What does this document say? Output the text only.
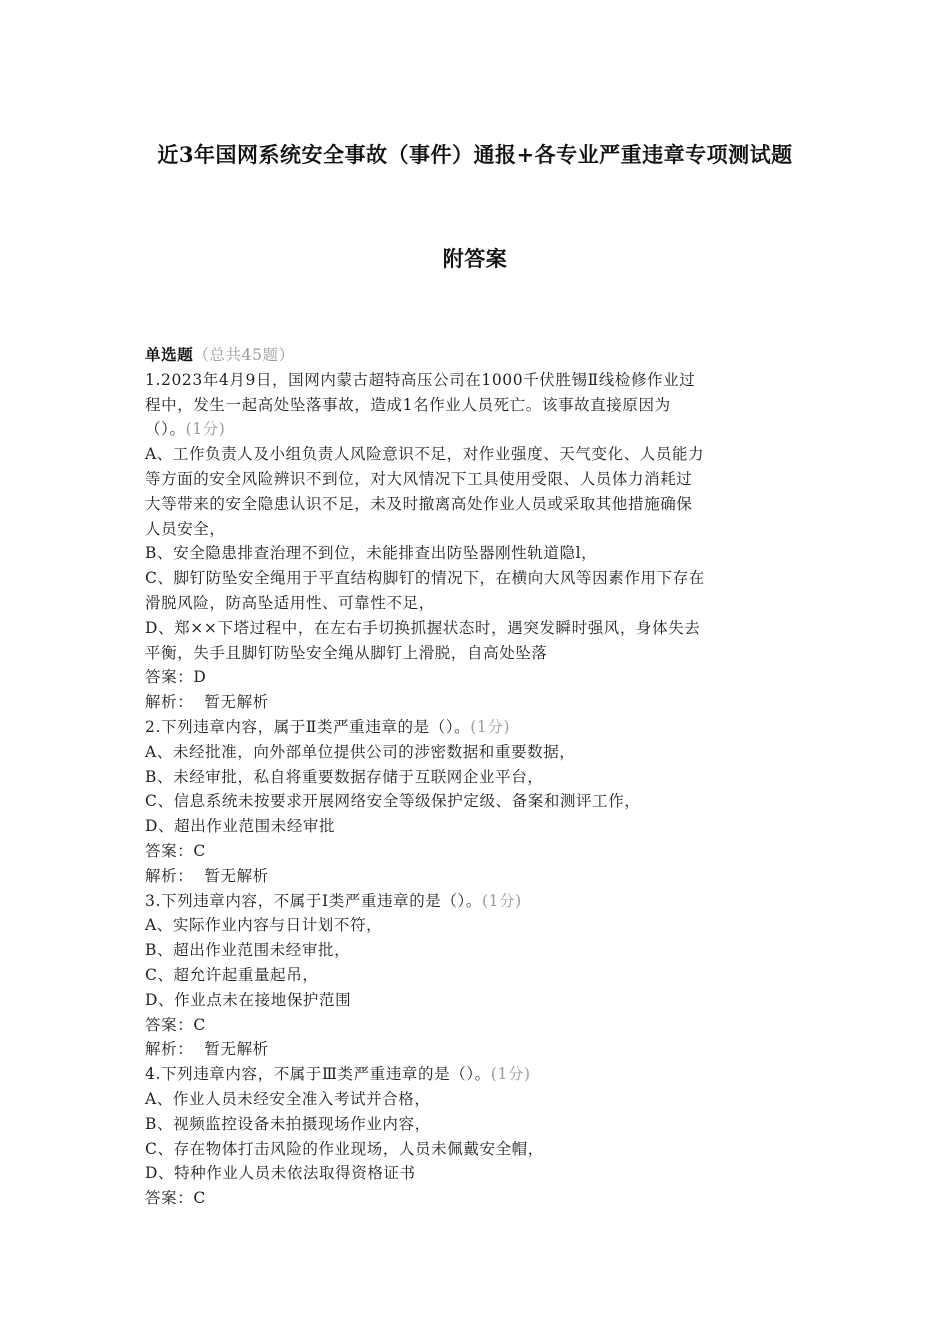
近3年国网系统安全事故（事件）通报+各专业严重违章专项测试题
附答案
单选题（总共45题）
1.2023年4月9日，国网内蒙古超特高压公司在1000千伏胜锡Ⅱ线检修作业过
程中，发生一起高处坠落事故，造成1名作业人员死亡。该事故直接原因为
（）。(1分)
A、工作负责人及小组负责人风险意识不足，对作业强度、天气变化、人员能力
等方面的安全风险辨识不到位，对大风情况下工具使用受限、人员体力消耗过
大等带来的安全隐患认识不足，未及时撤离高处作业人员或采取其他措施确保
人员安全，
B、安全隐患排查治理不到位，未能排查出防坠器刚性轨道隐l，
C、脚钉防坠安全绳用于平直结构脚钉的情况下，在横向大风等因素作用下存在
滑脱风险，防高坠适用性、可靠性不足，
D、郑××下塔过程中，在左右手切换抓握状态时，遇突发瞬时强风，身体失去
平衡，失手且脚钉防坠安全绳从脚钉上滑脱，自高处坠落
答案：D
解析： 暂无解析
2.下列违章内容，属于Ⅱ类严重违章的是（）。(1分)
A、未经批准，向外部单位提供公司的涉密数据和重要数据，
B、未经审批，私自将重要数据存储于互联网企业平台，
C、信息系统未按要求开展网络安全等级保护定级、备案和测评工作，
D、超出作业范围未经审批
答案：C
解析： 暂无解析
3.下列违章内容，不属于Ⅰ类严重违章的是（）。(1分)
A、实际作业内容与日计划不符，
B、超出作业范围未经审批，
C、超允许起重量起吊，
D、作业点未在接地保护范围
答案：C
解析： 暂无解析
4.下列违章内容，不属于Ⅲ类严重违章的是（）。(1分)
A、作业人员未经安全准入考试并合格，
B、视频监控设备未拍摄现场作业内容，
C、存在物体打击风险的作业现场，人员未佩戴安全帽，
D、特种作业人员未依法取得资格证书
答案：C
